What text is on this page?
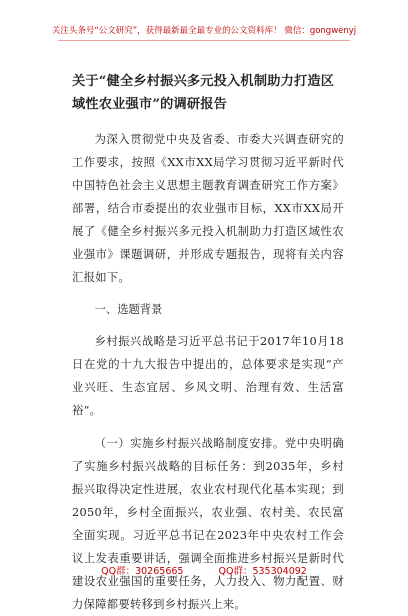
关注头条号“公文研究”，获得最新最全最专业的公文资料库！ 微信：gongwenyj

关于“健全乡村振兴多元投入机制助力打造区域性农业强市”的调研报告

为深入贯彻党中央及省委、市委大兴调查研究的工作要求，按照《XX市XX局学习贯彻习近平新时代中国特色社会主义思想主题教育调查研究工作方案》部署，结合市委提出的农业强市目标，XX市XX局开展了《健全乡村振兴多元投入机制助力打造区域性农业强市》课题调研，并形成专题报告，现将有关内容汇报如下。

一、选题背景

乡村振兴战略是习近平总书记于2017年10月18日在党的十九大报告中提出的，总体要求是实现“产业兴旺、生态宜居、乡风文明、治理有效、生活富裕”。

（一）实施乡村振兴战略制度安排。党中央明确了实施乡村振兴战略的目标任务：到2035年，乡村振兴取得决定性进展，农业农村现代化基本实现；到2050年，乡村全面振兴，农业强、农村美、农民富全面实现。习近平总书记在2023年中央农村工作会议上发表重要讲话，强调全面推进乡村振兴是新时代建设农业强国的重要任务，人力投入、物力配置、财力保障都要转移到乡村振兴上来。

QQ群：30265665	QQ群：535304092
